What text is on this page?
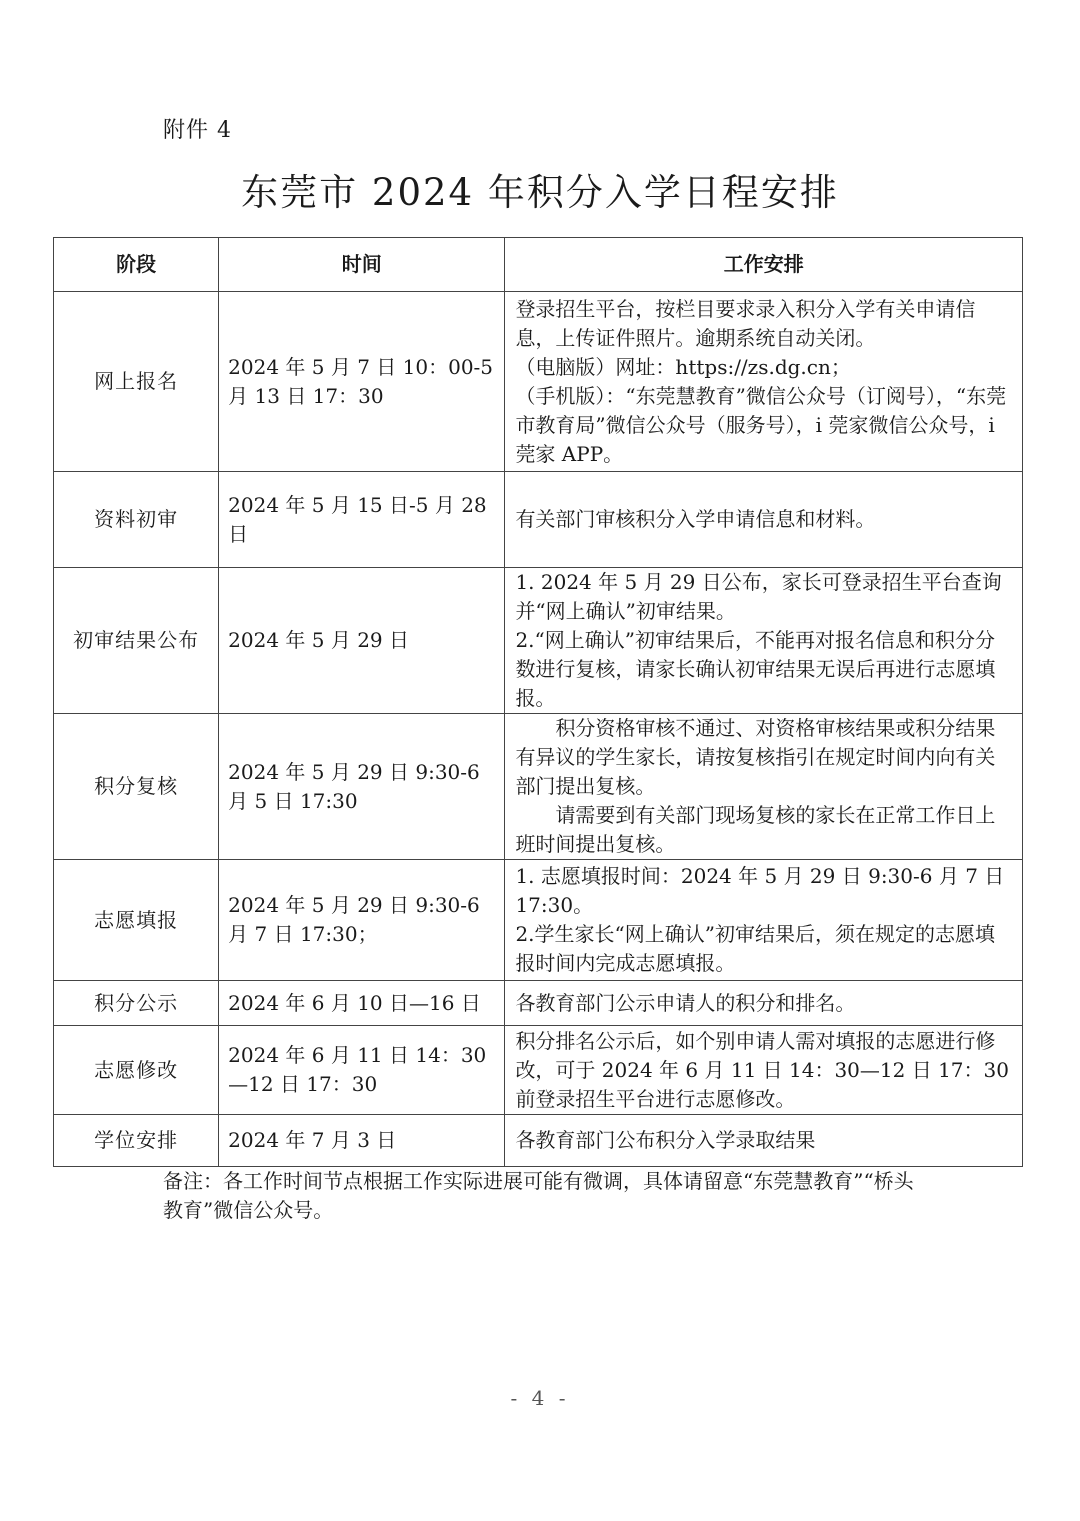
附件 4
东莞市 2024 年积分入学日程安排
阶段	时间	工作安排
网上报名	2024 年 5 月 7 日 10：00-5 月 13 日 17：30	登录招生平台，按栏目要求录入积分入学有关申请信息，上传证件照片。逾期系统自动关闭。
（电脑版）网址：https://zs.dg.cn；
（手机版）：“东莞慧教育”微信公众号（订阅号），“东莞市教育局”微信公众号（服务号），i 莞家微信公众号，i 莞家 APP。

资料初审	2024 年 5 月 15 日-5 月 28 日	有关部门审核积分入学申请信息和材料。

初审结果公布	2024 年 5 月 29 日	1. 2024 年 5 月 29 日公布，家长可登录招生平台查询并“网上确认”初审结果。
2.“网上确认”初审结果后，不能再对报名信息和积分分数进行复核，请家长确认初审结果无误后再进行志愿填报。

积分复核	2024 年 5 月 29 日 9:30-6 月 5 日 17:30	积分资格审核不通过、对资格审核结果或积分结果有异议的学生家长，请按复核指引在规定时间内向有关部门提出复核。
请需要到有关部门现场复核的家长在正常工作日上班时间提出复核。

志愿填报	2024 年 5 月 29 日 9:30-6 月 7 日 17:30；	1. 志愿填报时间：2024 年 5 月 29 日 9:30-6 月 7 日 17:30。
2.学生家长“网上确认”初审结果后，须在规定的志愿填报时间内完成志愿填报。

积分公示	2024 年 6 月 10 日—16 日	各教育部门公示申请人的积分和排名。

志愿修改	2024 年 6 月 11 日 14：30—12 日 17：30	积分排名公示后，如个别申请人需对填报的志愿进行修改，可于 2024 年 6 月 11 日 14：30—12 日 17：30 前登录招生平台进行志愿修改。

学位安排	2024 年 7 月 3 日	各教育部门公布积分入学录取结果
备注：各工作时间节点根据工作实际进展可能有微调，具体请留意“东莞慧教育”“桥头教育”微信公众号。
- 4 -
